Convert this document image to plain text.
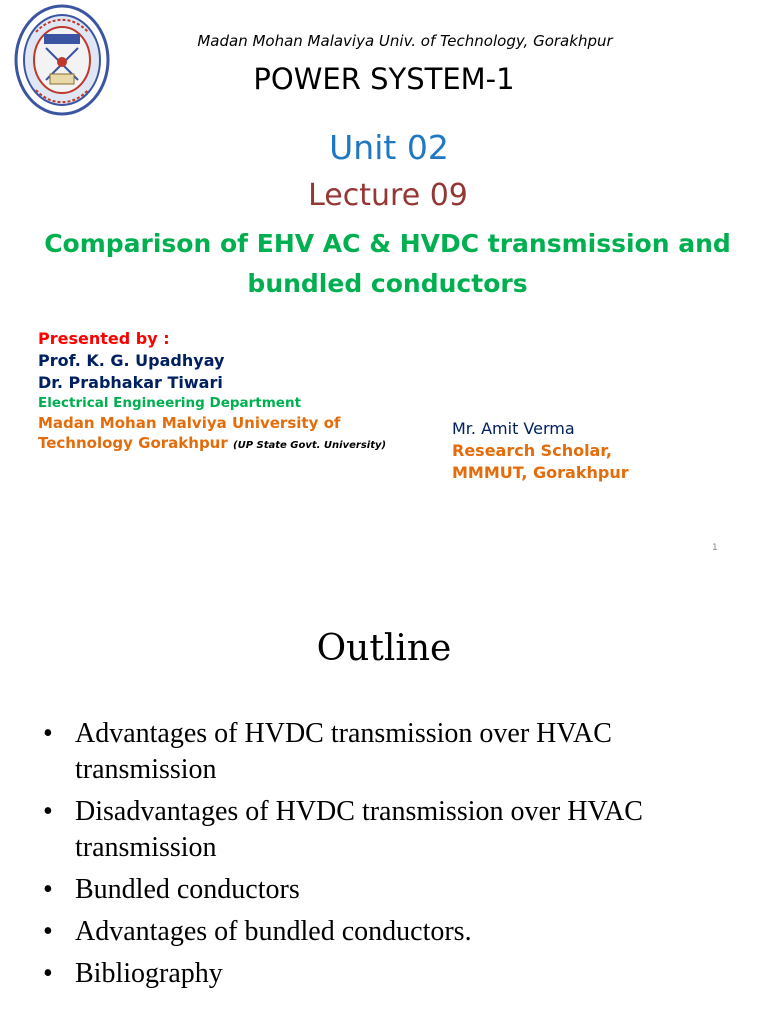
Madan Mohan Malaviya Univ. of Technology, Gorakhpur
POWER SYSTEM-1
Unit 02
Lecture 09
Comparison of EHV AC & HVDC transmission and
bundled conductors
Presented by :
Prof. K. G. Upadhyay
Dr. Prabhakar Tiwari
Electrical Engineering Department
Madan Mohan Malviya University of
Technology Gorakhpur (UP State Govt. University)
Mr. Amit Verma
Research Scholar,
MMMUT, Gorakhpur
1
Outline
• Advantages of HVDC transmission over HVAC transmission
• Disadvantages of HVDC transmission over HVAC transmission
• Bundled conductors
• Advantages of bundled conductors.
• Bibliography
